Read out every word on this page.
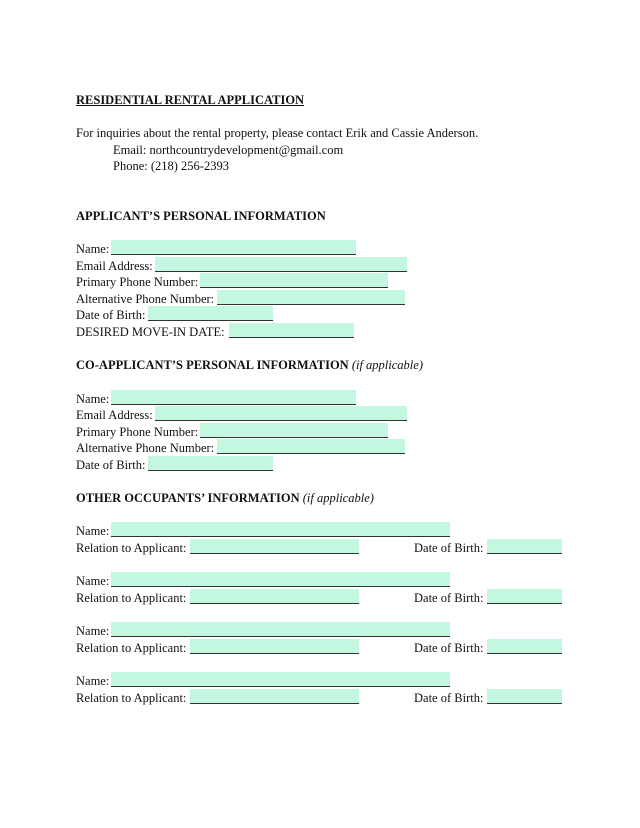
RESIDENTIAL RENTAL APPLICATION
For inquiries about the rental property, please contact Erik and Cassie Anderson.
Email: northcountrydevelopment@gmail.com
Phone: (218) 256-2393
APPLICANT’S PERSONAL INFORMATION
Name:
Email Address:
Primary Phone Number:
Alternative Phone Number:
Date of Birth:
DESIRED MOVE-IN DATE:
CO-APPLICANT’S PERSONAL INFORMATION (if applicable)
Name:
Email Address:
Primary Phone Number:
Alternative Phone Number:
Date of Birth:
OTHER OCCUPANTS’ INFORMATION (if applicable)
Name:
Relation to Applicant:	Date of Birth:
Name:
Relation to Applicant:	Date of Birth:
Name:
Relation to Applicant:	Date of Birth:
Name:
Relation to Applicant:	Date of Birth:
